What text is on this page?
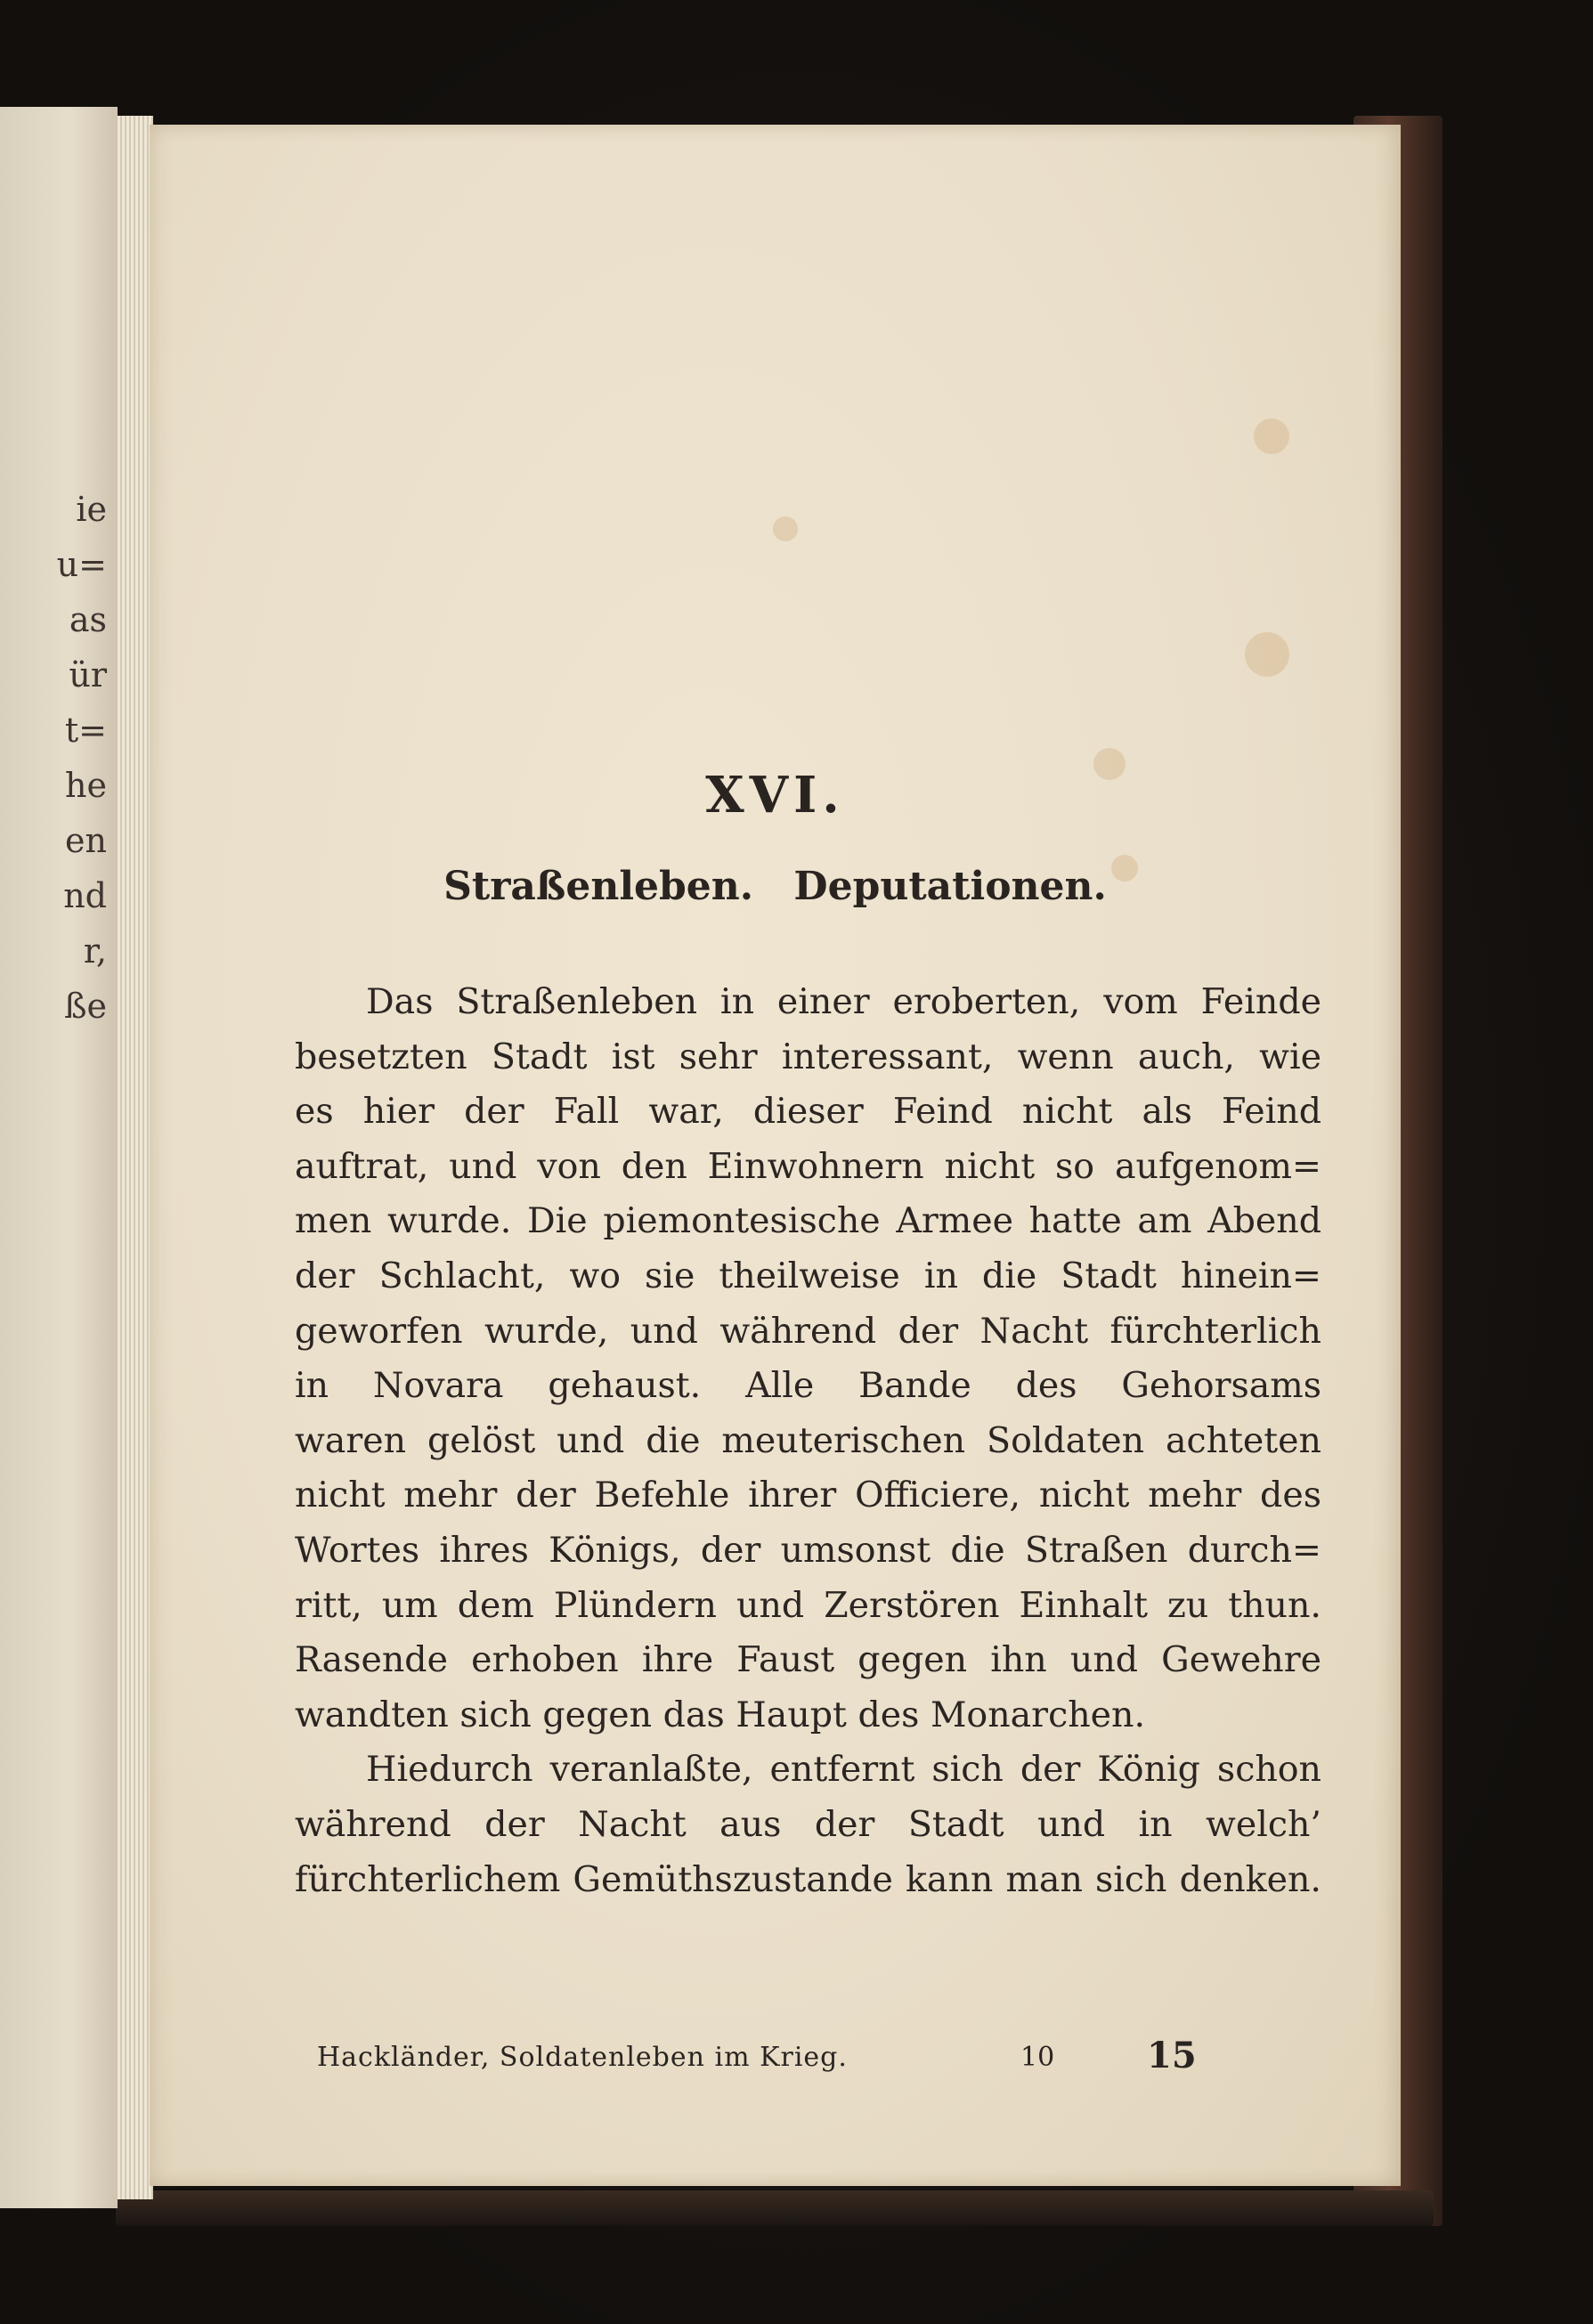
ie
u=
as
ür
t=
he
en
nd
r,
ße
XVI.
Straßenleben. Deputationen.
Das Straßenleben in einer eroberten, vom Feinde
besetzten Stadt ist sehr interessant, wenn auch, wie
es hier der Fall war, dieser Feind nicht als Feind
auftrat, und von den Einwohnern nicht so aufgenom=
men wurde. Die piemontesische Armee hatte am Abend
der Schlacht, wo sie theilweise in die Stadt hinein=
geworfen wurde, und während der Nacht fürchterlich
in Novara gehaust. Alle Bande des Gehorsams
waren gelöst und die meuterischen Soldaten achteten
nicht mehr der Befehle ihrer Officiere, nicht mehr des
Wortes ihres Königs, der umsonst die Straßen durch=
ritt, um dem Plündern und Zerstören Einhalt zu thun.
Rasende erhoben ihre Faust gegen ihn und Gewehre
wandten sich gegen das Haupt des Monarchen.
Hiedurch veranlaßte, entfernt sich der König schon
während der Nacht aus der Stadt und in welch’
fürchterlichem Gemüthszustande kann man sich denken.
Hackländer, Soldatenleben im Krieg.	10	15
